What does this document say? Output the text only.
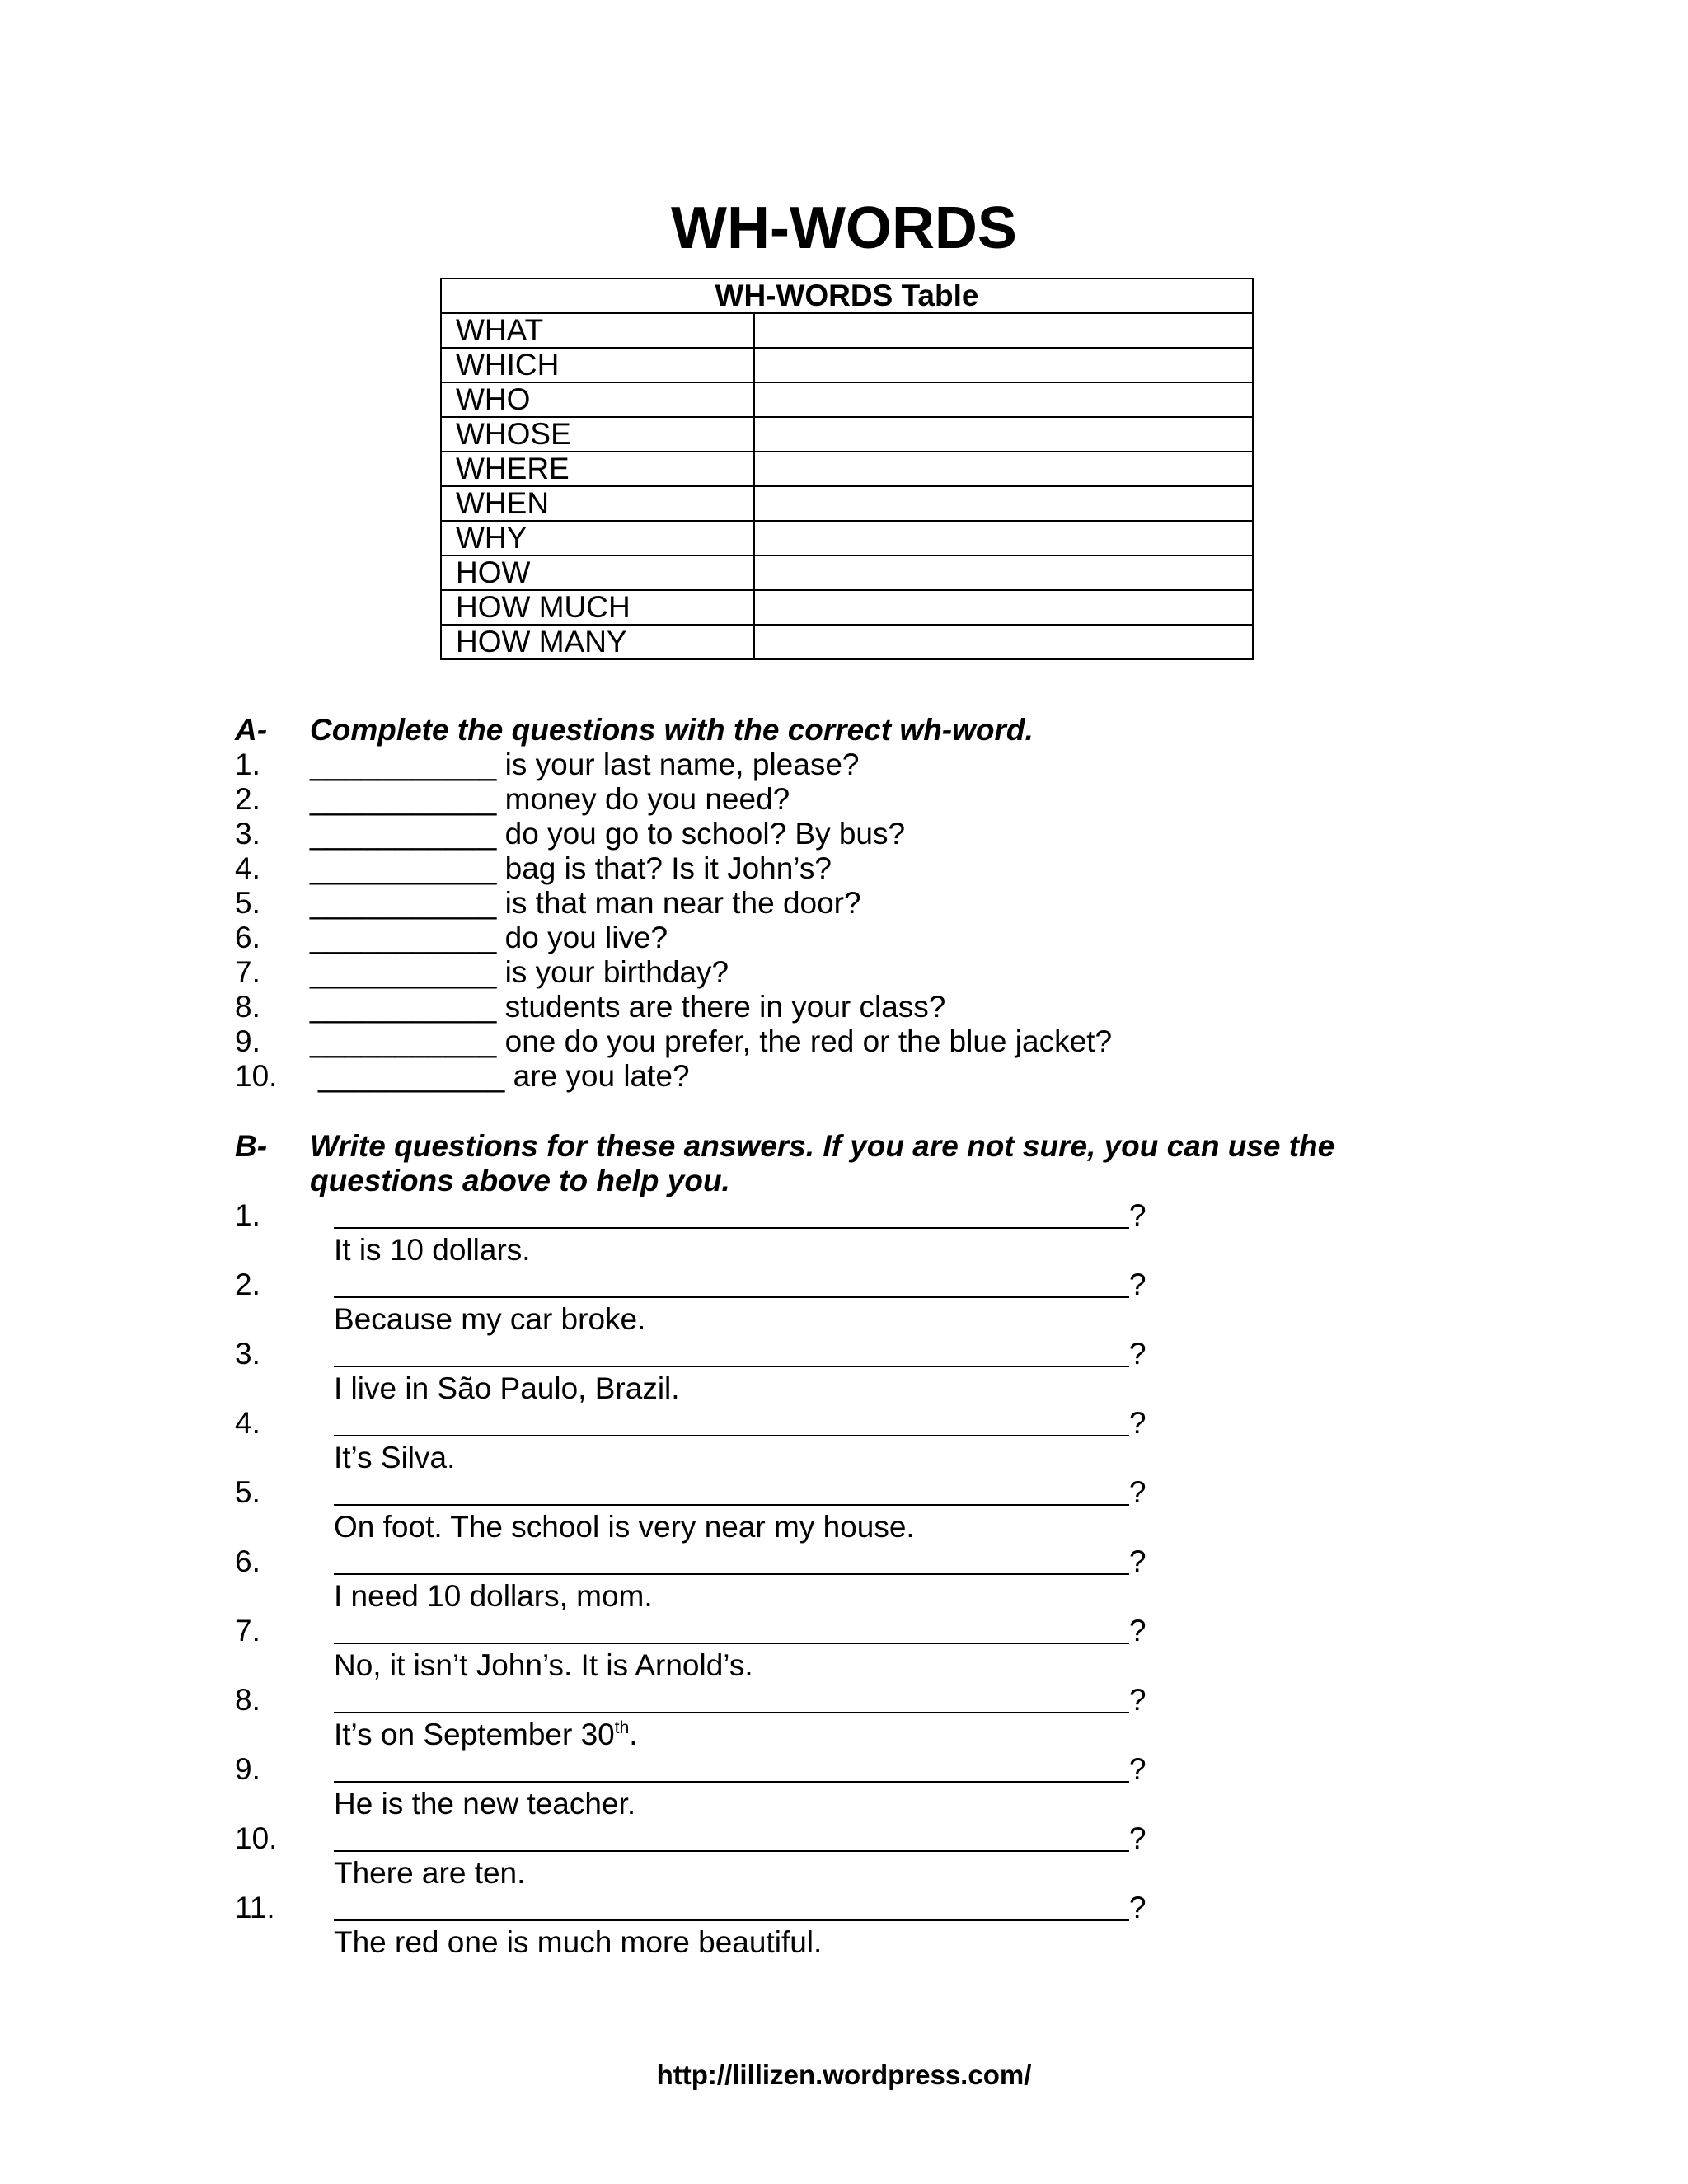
WH-WORDS
WH-WORDS Table	
WHAT	
WHICH	
WHO	
WHOSE	
WHERE	
WHEN	
WHY	
HOW	
HOW MUCH	
HOW MANY	
A- Complete the questions with the correct wh-word.
1. ___________ is your last name, please?
2. ___________ money do you need?
3. ___________ do you go to school? By bus?
4. ___________ bag is that? Is it John’s?
5. ___________ is that man near the door?
6. ___________ do you live?
7. ___________ is your birthday?
8. ___________ students are there in your class?
9. ___________ one do you prefer, the red or the blue jacket?
10. ___________ are you late?
B- Write questions for these answers. If you are not sure, you can use the
questions above to help you.
1.	?
It is 10 dollars.
2.	?
Because my car broke.
3.	?
I live in São Paulo, Brazil.
4.	?
It’s Silva.
5.	?
On foot. The school is very near my house.
6.	?
I need 10 dollars, mom.
7.	?
No, it isn’t John’s. It is Arnold’s.
8.	?
It’s on September 30th.
9.	?
He is the new teacher.
10.	?
There are ten.
11.	?
The red one is much more beautiful.
http://lillizen.wordpress.com/
